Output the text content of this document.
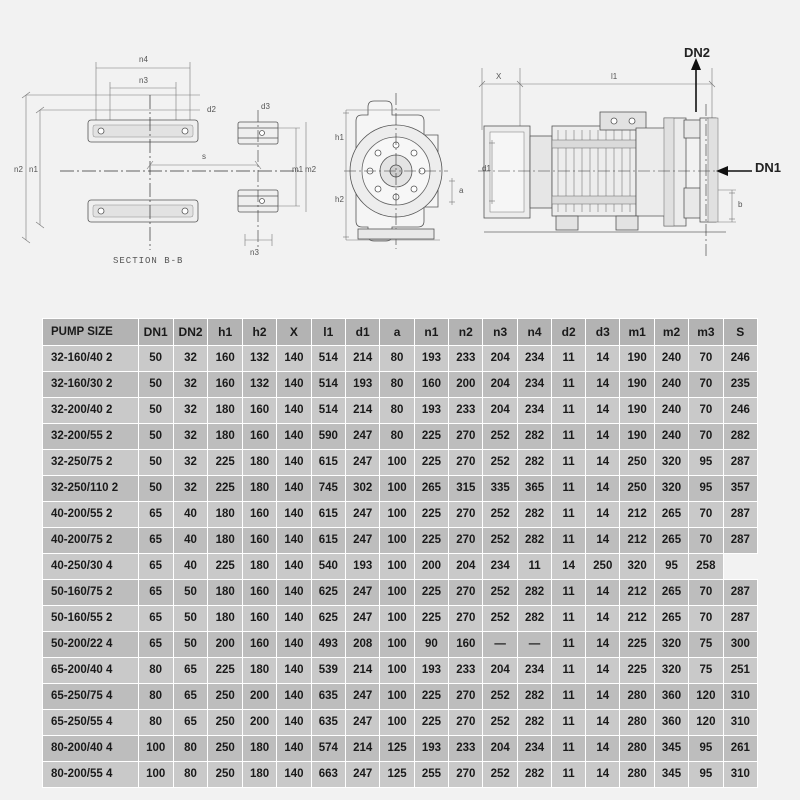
n4
n3
d2	d3
n2 n1
s
m1 m2
n3
SECTION B-B
h1
h2
a
X	l1
d1
b
DN2
DN1
PUMP SIZE	DN1	DN2	h1	h2	X	l1	d1	a	n1	n2	n3	n4	d2	d3	m1	m2	m3	S
32-160/40 2	50	32	160	132	140	514	214	80	193	233	204	234	11	14	190	240	70	246
32-160/30 2	50	32	160	132	140	514	193	80	160	200	204	234	11	14	190	240	70	235
32-200/40 2	50	32	180	160	140	514	214	80	193	233	204	234	11	14	190	240	70	246
32-200/55 2	50	32	180	160	140	590	247	80	225	270	252	282	11	14	190	240	70	282
32-250/75 2	50	32	225	180	140	615	247	100	225	270	252	282	11	14	250	320	95	287
32-250/110 2	50	32	225	180	140	745	302	100	265	315	335	365	11	14	250	320	95	357
40-200/55 2	65	40	180	160	140	615	247	100	225	270	252	282	11	14	212	265	70	287
40-200/75 2	65	40	180	160	140	615	247	100	225	270	252	282	11	14	212	265	70	287
40-250/30 4	65	40	225	180	140	540	193	100	200	204	234	11	14	250	320	95	258	
50-160/75 2	65	50	180	160	140	625	247	100	225	270	252	282	11	14	212	265	70	287
50-160/55 2	65	50	180	160	140	625	247	100	225	270	252	282	11	14	212	265	70	287
50-200/22 4	65	50	200	160	140	493	208	100	90	160	—	—	11	14	225	320	75	300
65-200/40 4	80	65	225	180	140	539	214	100	193	233	204	234	11	14	225	320	75	251
65-250/75 4	80	65	250	200	140	635	247	100	225	270	252	282	11	14	280	360	120	310
65-250/55 4	80	65	250	200	140	635	247	100	225	270	252	282	11	14	280	360	120	310
80-200/40 4	100	80	250	180	140	574	214	125	193	233	204	234	11	14	280	345	95	261
80-200/55 4	100	80	250	180	140	663	247	125	255	270	252	282	11	14	280	345	95	310
